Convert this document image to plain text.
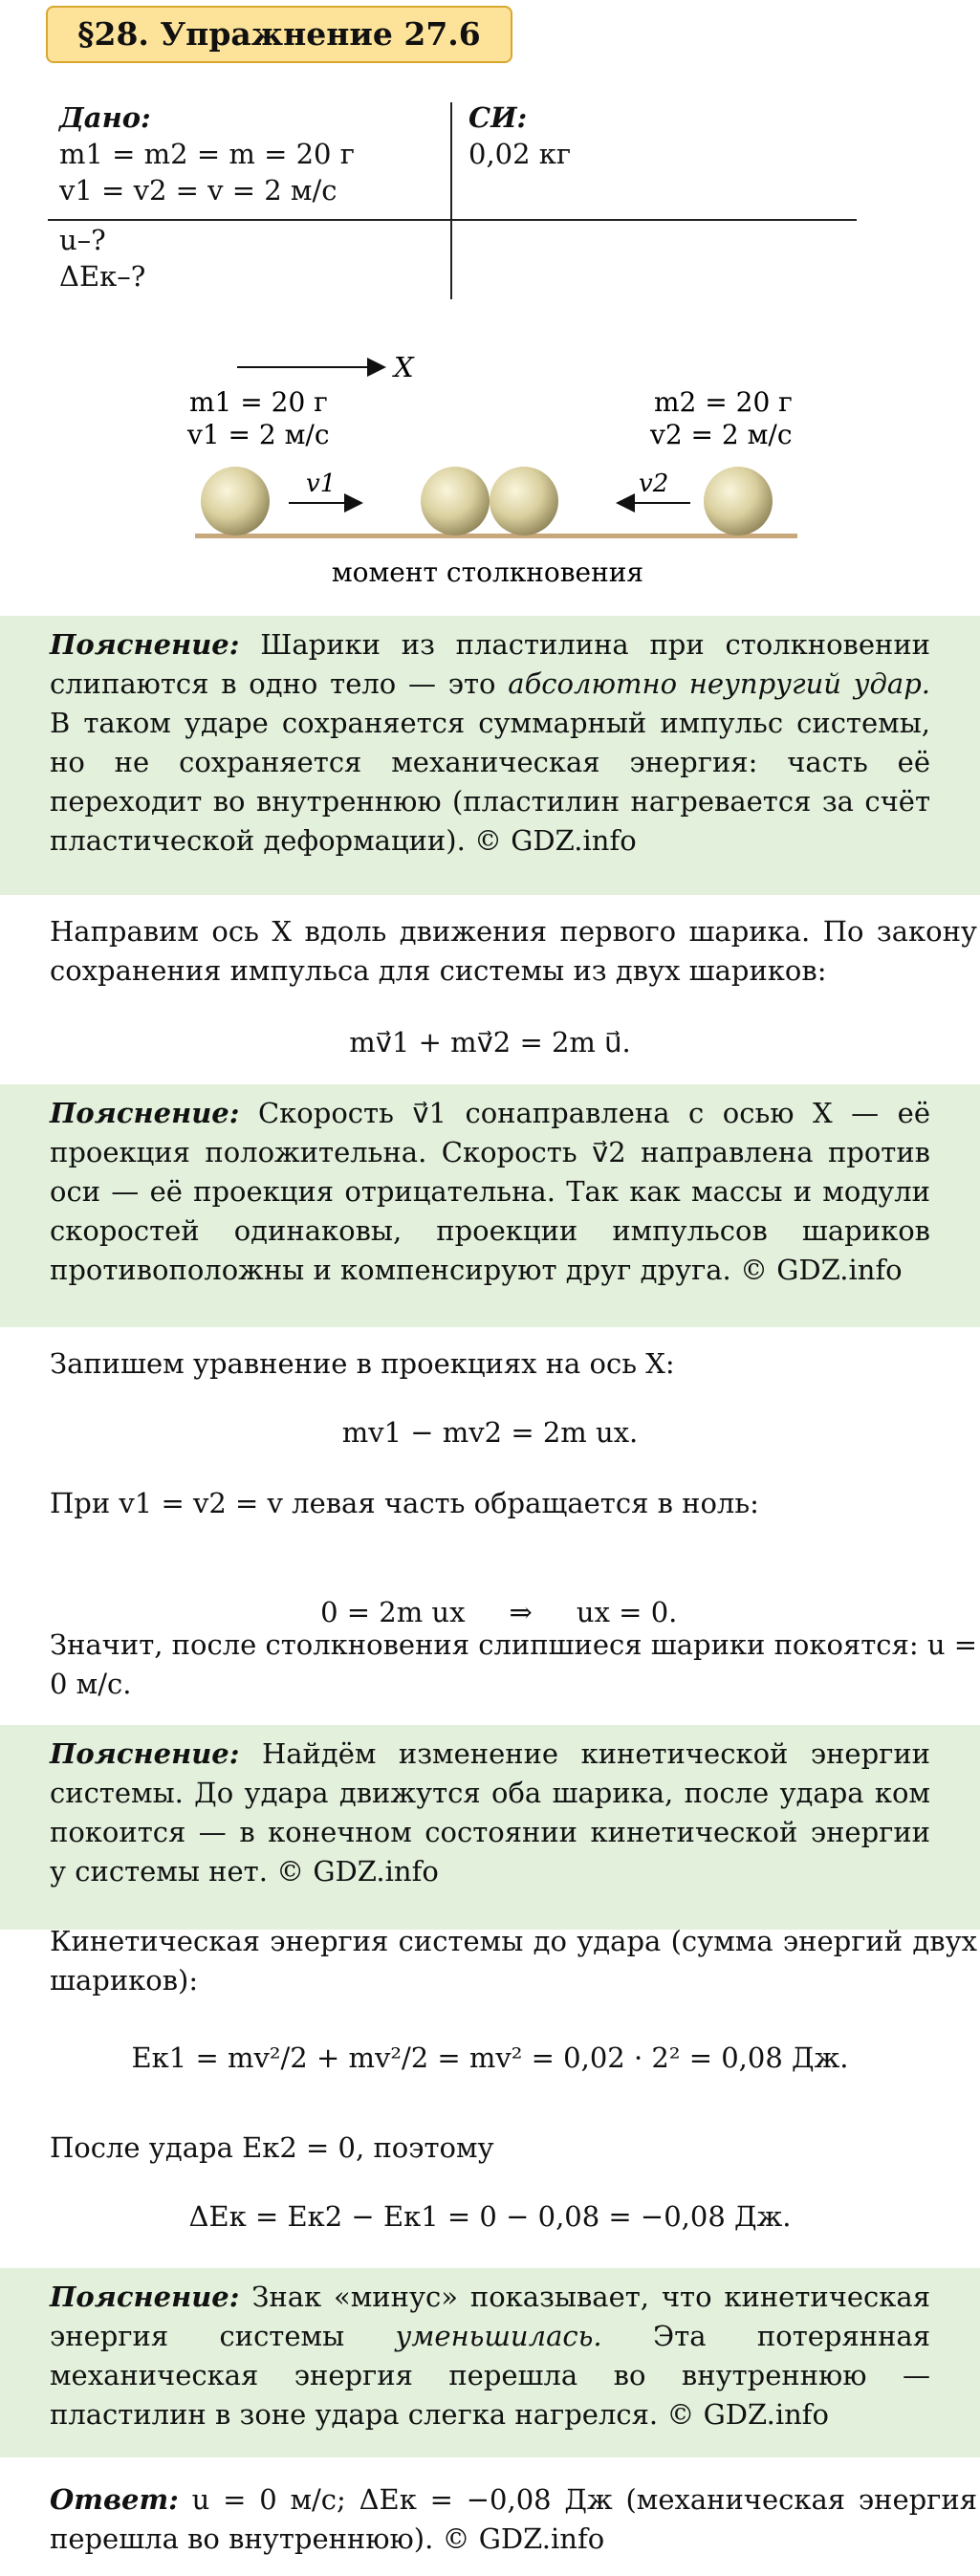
§28. Упражнение 27.6
Дано:
m1 = m2 = m = 20 г
v1 = v2 = v = 2 м/с
u–?
ΔEк–?
СИ:
0,02 кг
X
m1 = 20 г
v1 = 2 м/с
m2 = 20 г
v2 = 2 м/с
v1	v2
момент столкновения
Пояснение: Шарики из пластилина при столкновении слипаются в одно тело — это абсолютно неупругий удар. В таком ударе сохраняется суммарный импульс системы, но не сохраняется механическая энергия: часть её переходит во внутреннюю (пластилин нагревается за счёт пластической деформации). © GDZ.info
Направим ось X вдоль движения первого шарика. По закону сохранения импульса для системы из двух шариков:
mv⃗1 + mv⃗2 = 2m u⃗.
Пояснение: Скорость v⃗1 сонаправлена с осью X — её проекция положительна. Скорость v⃗2 направлена против оси — её проекция отрицательна. Так как массы и модули скоростей одинаковы, проекции импульсов шариков противоположны и компенсируют друг друга. © GDZ.info
Запишем уравнение в проекциях на ось X:
mv1 − mv2 = 2m ux.
При v1 = v2 = v левая часть обращается в ноль:

0 = 2m ux     ⇒     ux = 0.

Значит, после столкновения слипшиеся шарики покоятся: u = 0 м/с.
Пояснение: Найдём изменение кинетической энергии системы. До удара движутся оба шарика, после удара ком покоится — в конечном состоянии кинетической энергии у системы нет. © GDZ.info
Кинетическая энергия системы до удара (сумма энергий двух шариков):
Eк1 = mv²/2 + mv²/2 = mv² = 0,02 · 2² = 0,08 Дж.
После удара Eк2 = 0, поэтому
ΔEк = Eк2 − Eк1 = 0 − 0,08 = −0,08 Дж.
Пояснение: Знак «минус» показывает, что кинетическая энергия системы уменьшилась. Эта потерянная механическая энергия перешла во внутреннюю — пластилин в зоне удара слегка нагрелся. © GDZ.info
Ответ: u = 0 м/с; ΔEк = −0,08 Дж (механическая энергия перешла во внутреннюю). © GDZ.info
